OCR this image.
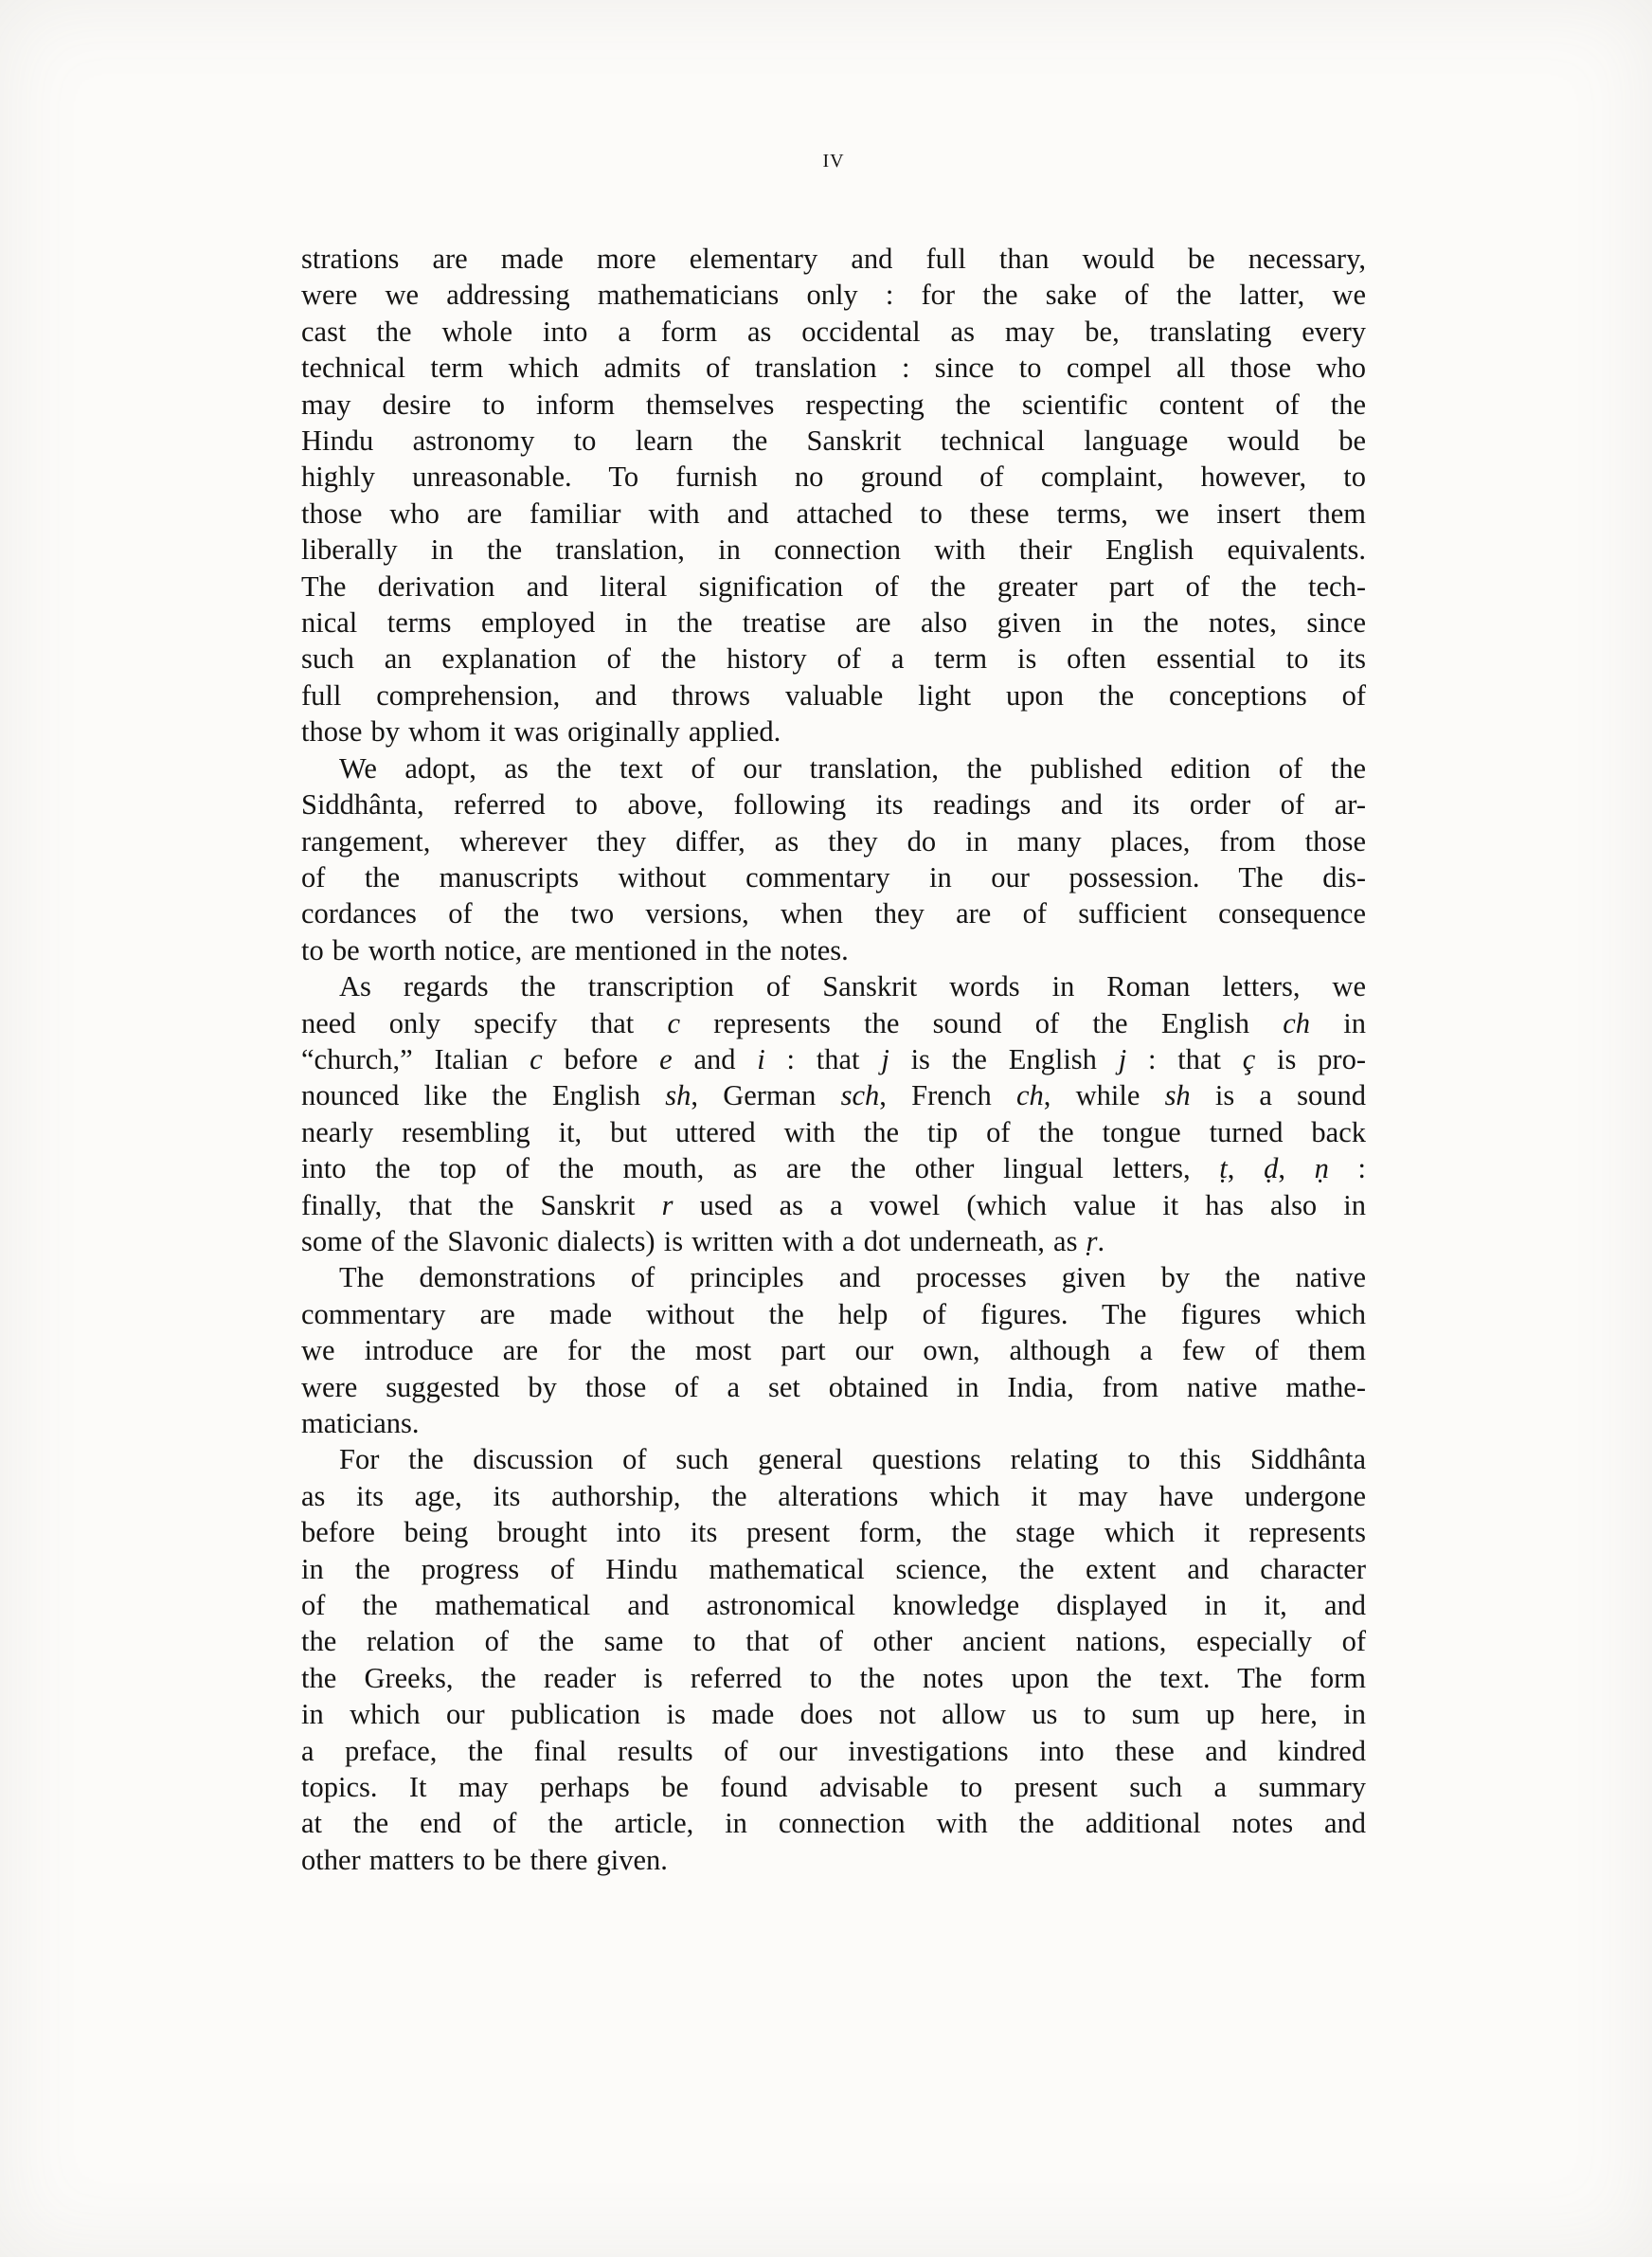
iv
strations are made more elementary and full than would be necessary,
were we addressing mathematicians only : for the sake of the latter, we
cast the whole into a form as occidental as may be, translating every
technical term which admits of translation : since to compel all those who
may desire to inform themselves respecting the scientific content of the
Hindu astronomy to learn the Sanskrit technical language would be
highly unreasonable. To furnish no ground of complaint, however, to
those who are familiar with and attached to these terms, we insert them
liberally in the translation, in connection with their English equivalents.
The derivation and literal signification of the greater part of the tech-
nical terms employed in the treatise are also given in the notes, since
such an explanation of the history of a term is often essential to its
full comprehension, and throws valuable light upon the conceptions of
those by whom it was originally applied.
We adopt, as the text of our translation, the published edition of the
Siddhânta, referred to above, following its readings and its order of ar-
rangement, wherever they differ, as they do in many places, from those
of the manuscripts without commentary in our possession. The dis-
cordances of the two versions, when they are of sufficient consequence
to be worth notice, are mentioned in the notes.
As regards the transcription of Sanskrit words in Roman letters, we
need only specify that c represents the sound of the English ch in
“church,” Italian c before e and i : that j is the English j : that ç is pro-
nounced like the English sh, German sch, French ch, while sh is a sound
nearly resembling it, but uttered with the tip of the tongue turned back
into the top of the mouth, as are the other lingual letters, ṭ, ḍ, ṇ :
finally, that the Sanskrit r used as a vowel (which value it has also in
some of the Slavonic dialects) is written with a dot underneath, as ṛ.
The demonstrations of principles and processes given by the native
commentary are made without the help of figures. The figures which
we introduce are for the most part our own, although a few of them
were suggested by those of a set obtained in India, from native mathe-
maticians.
For the discussion of such general questions relating to this Siddhânta
as its age, its authorship, the alterations which it may have undergone
before being brought into its present form, the stage which it represents
in the progress of Hindu mathematical science, the extent and character
of the mathematical and astronomical knowledge displayed in it, and
the relation of the same to that of other ancient nations, especially of
the Greeks, the reader is referred to the notes upon the text. The form
in which our publication is made does not allow us to sum up here, in
a preface, the final results of our investigations into these and kindred
topics. It may perhaps be found advisable to present such a summary
at the end of the article, in connection with the additional notes and
other matters to be there given.
